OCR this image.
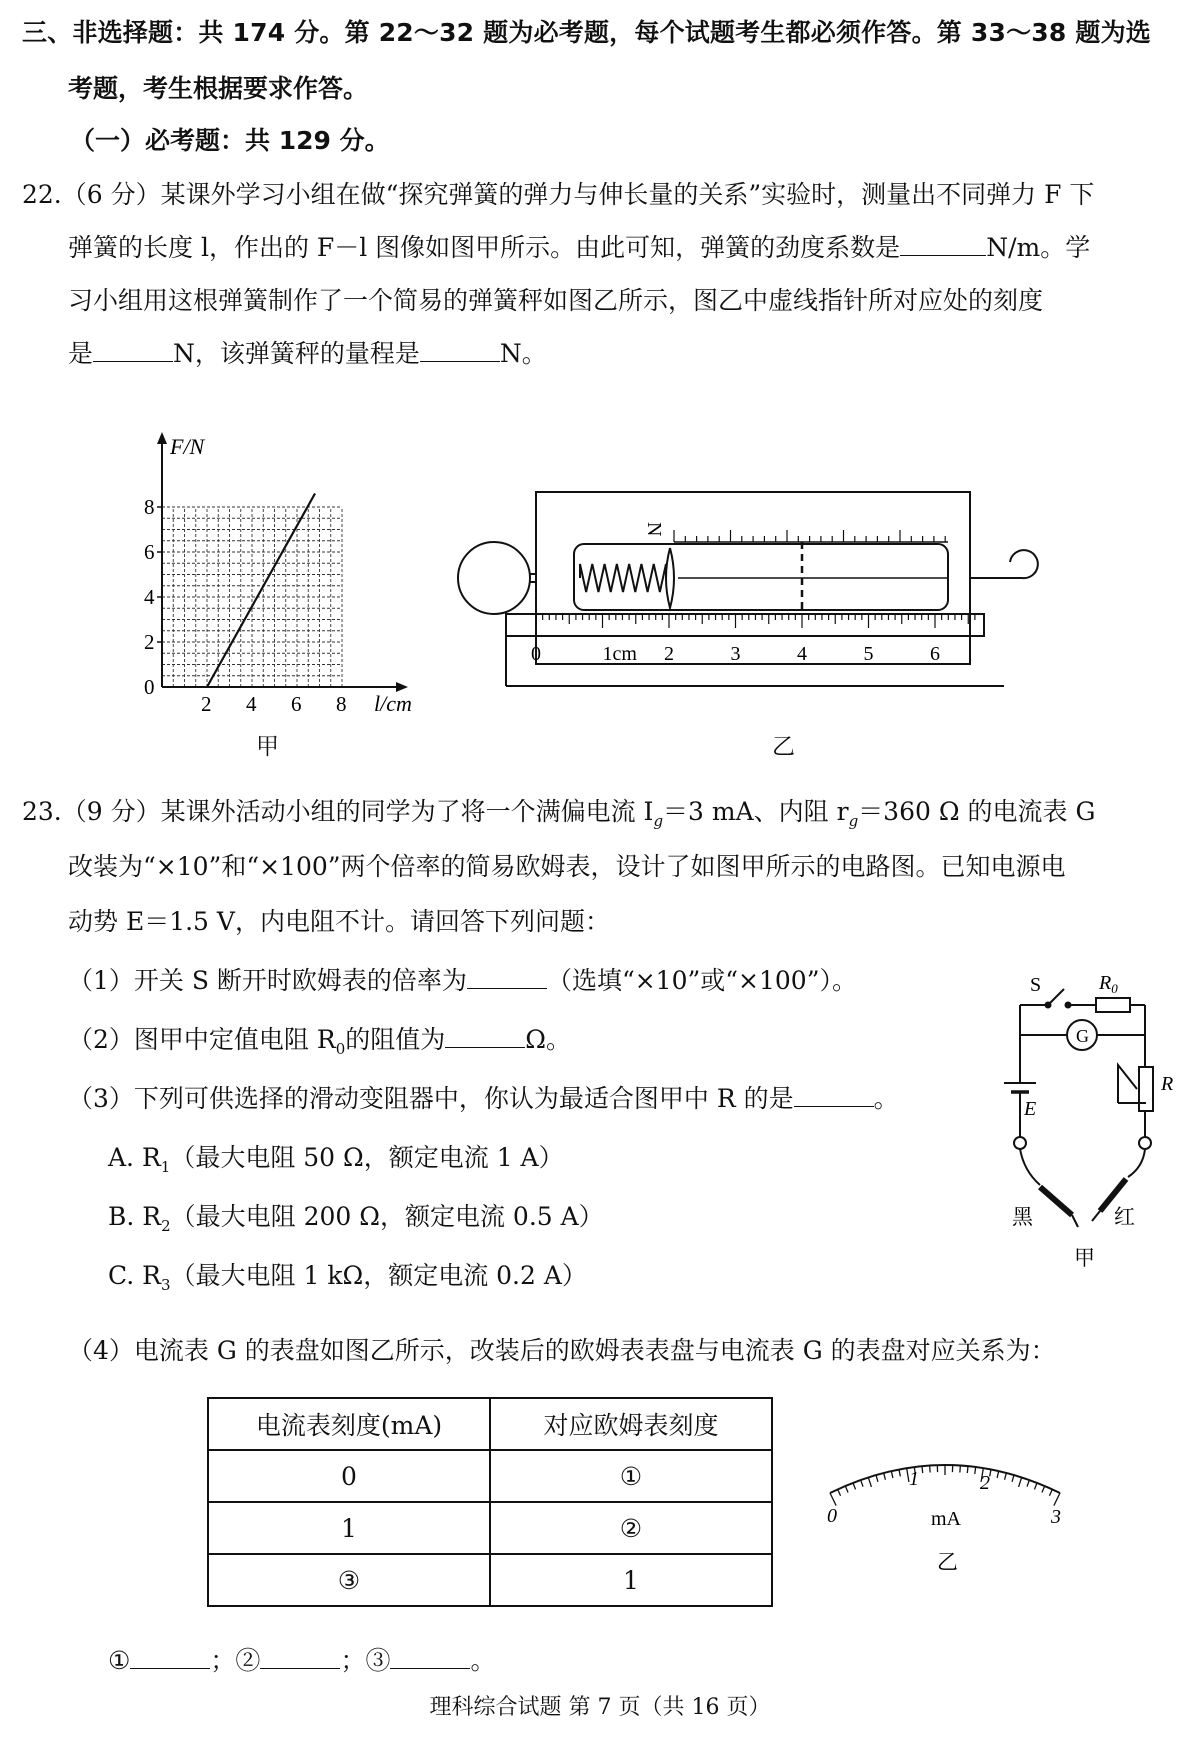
三、非选择题：共 174 分。第 22～32 题为必考题，每个试题考生都必须作答。第 33～38 题为选
考题，考生根据要求作答。
（一）必考题：共 129 分。
22.（6 分）某课外学习小组在做“探究弹簧的弹力与伸长量的关系”实验时，测量出不同弹力 F 下
弹簧的长度 l，作出的 F－l 图像如图甲所示。由此可知，弹簧的劲度系数是	N/m。学
习小组用这根弹簧制作了一个简易的弹簧秤如图乙所示，图乙中虚线指针所对应处的刻度
是	N，该弹簧秤的量程是	N。
F/N
l/cm
8
6
4
2
0
2 4 6 8
甲
N
0	1cm 2	3	4	5	6
乙
23.（9 分）某课外活动小组的同学为了将一个满偏电流 $I_g=3$ mA、内阻 $r_g=360$ Ω 的电流表 G
改装为“×10”和“×100”两个倍率的简易欧姆表，设计了如图甲所示的电路图。已知电源电
动势 E＝1.5 V，内电阻不计。请回答下列问题：
（1）开关 S 断开时欧姆表的倍率为	（选填“×10”或“×100”）。
（2）图甲中定值电阻 $R_0$的阻值为	Ω。
（3）下列可供选择的滑动变阻器中，你认为最适合图甲中 R 的是	。
A. $R_1$（最大电阻 50 Ω，额定电流 1 A）
B. $R_2$（最大电阻 200 Ω，额定电流 0.5 A）
C. $R_3$（最大电阻 1 kΩ，额定电流 0.2 A）
（4）电流表 G 的表盘如图乙所示，改装后的欧姆表表盘与电流表 G 的表盘对应关系为：
S	$R_0$
G
R
E
黑	红
甲
电流表刻度(mA)	对应欧姆表刻度
0	①
1	②
③	1
0
1	2
3
mA
乙
①	；②	；③	。
理科综合试题 第 7 页（共 16 页）
